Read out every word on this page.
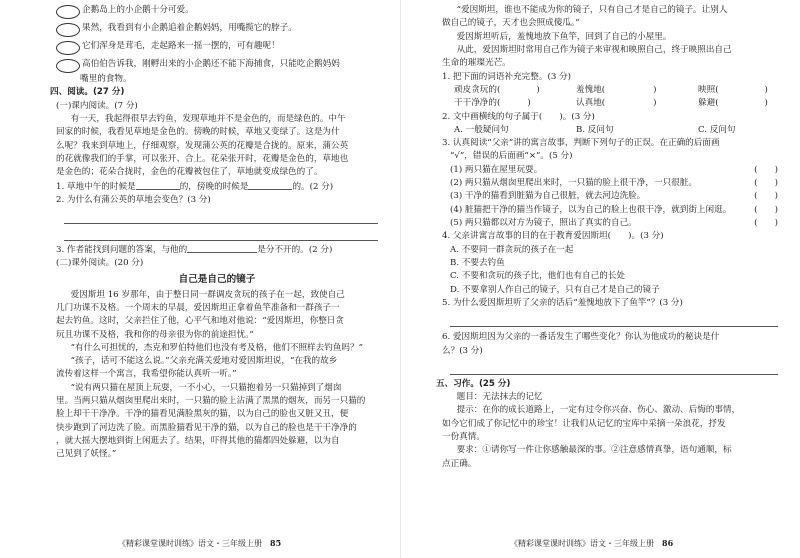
企鹅岛上的小企鹅十分可爱。
果然，我看到有小企鹅追着企鹅妈妈，用嘴揽它的脖子。
它们浑身是茸毛，走起路来一摇一摆的，可有趣呢！
高伯伯告诉我，刚孵出来的小企鹅还不能下海捕食，只能吃企鹅妈妈
嘴里的食物。
四、阅读。(27 分)
(一)课内阅读。(7 分)
有一天，我起得很早去钓鱼，发现草地并不是金色的，而是绿色的。中午
回家的时候，我看见草地是金色的。傍晚的时候，草地又变绿了。这是为什
么呢？我来到草地上，仔细观察，发现蒲公英的花瓣是合拢的。原来，蒲公英
的花就像我们的手掌，可以张开、合上。花朵张开时，花瓣是金色的，草地也
是金色的；花朵合拢时，金色的花瓣被包住了，草地就变成绿色的了。
1. 草地中午的时候是	的，傍晚的时候是	的。(2 分)
2. 为什么有蒲公英的草地会变色？(3 分)
3. 作者能找到问题的答案，与他的	是分不开的。(2 分)
(二)课外阅读。(20 分)
自己是自己的镜子
爱因斯坦 16 岁那年，由于整日同一群调皮贪玩的孩子在一起，致使自己
几门功课不及格。一个周末的早晨，爱因斯坦正拿着鱼竿准备和一群孩子一
起去钓鱼。这时，父亲拦住了他，心平气和地对他说：“爱因斯坦，你整日贪
玩且功课不及格，我和你的母亲很为你的前途担忧。”
“有什么可担忧的，杰克和罗伯特他们也没有考及格，他们不照样去钓鱼吗？”
“孩子，话可不能这么说。”父亲充满关爱地对爱因斯坦说，“在我的故乡
流传着这样一个寓言，我希望你能认真听一听。”
“说有两只猫在屋顶上玩耍，一不小心，一只猫抱着另一只猫掉到了烟囱
里。当两只猫从烟囱里爬出来时，一只猫的脸上沾满了黑黑的烟灰，而另一只猫的
脸上却干干净净。干净的猫看见满脸黑灰的猫，以为自己的脸也又脏又丑，便
快步跑到了河边洗了脸。而黑脸猫看见干净的猫，以为自己的脸也是干干净净的
，就大摇大摆地到街上闲逛去了。结果，吓得其他的猫都四处躲避，以为自
己见到了妖怪。”
《精彩课堂课时训练》语文・三年级上册 85
“爱因斯坦，谁也不能成为你的镜子，只有自己才是自己的镜子。让别人
做自己的镜子，天才也会照成傻瓜。”
爱因斯坦听后，羞愧地放下鱼竿，回到了自己的小屋里。
从此，爱因斯坦时常用自己作为镜子来审视和映照自己，终于映照出自己
生命的璀璨光芒。
1. 把下面的词语补充完整。(3 分)
顽皮贪玩的(	)	羞愧地(	)	映照(	)
干干净净的(	)	认真地(	)	躲避(	)
2. 文中画横线的句子属于(　　)。(3 分)
A. 一般疑问句	B. 反问句	C. 反问句
3. 认真阅读“父亲”讲的寓言故事，判断下列句子的正误。在正确的后面画
“√”，错误的后面画“×”。(5 分)
(1) 两只猫在屋里玩耍。	(　　)
(2) 两只猫从烟囱里爬出来时，一只猫的脸上很干净，一只很脏。	(　　)
(3) 干净的猫看到脏猫为自己很脏，就去河边洗脸。	(　　)
(4) 脏猫把干净的猫当作镜子，以为自己的脸上也很干净，就到街上闲逛。	(　　)
(5) 两只猫都以对方为镜子，照出了真实的自己。	(　　)
4. 父亲讲寓言故事的目的在于教育爱因斯坦(　　)。(3 分)
A. 不要同一群贪玩的孩子在一起
B. 不要去钓鱼
C. 不要和贪玩的孩子比，他们也有自己的长处
D. 不要拿别人作自己的镜子，只有自己才是自己的镜子
5. 为什么爱因斯坦听了父亲的话后“羞愧地放下了鱼竿”？(3 分)
6. 爱因斯坦因为父亲的一番话发生了哪些变化？你认为他成功的秘诀是什
么？(3 分)
五、习作。(25 分)
题目：无法抹去的记忆
提示：在你的成长道路上，一定有过令你兴奋、伤心、激动、后悔的事情，
如今它们成了你记忆中的珍宝！让我们从记忆的宝库中采摘一朵浪花，抒发
一份真情。
要求：①请你写一件让你感触最深的事。②注意感情真挚，语句通顺，标
点正确。
《精彩课堂课时训练》语文・三年级上册 86
